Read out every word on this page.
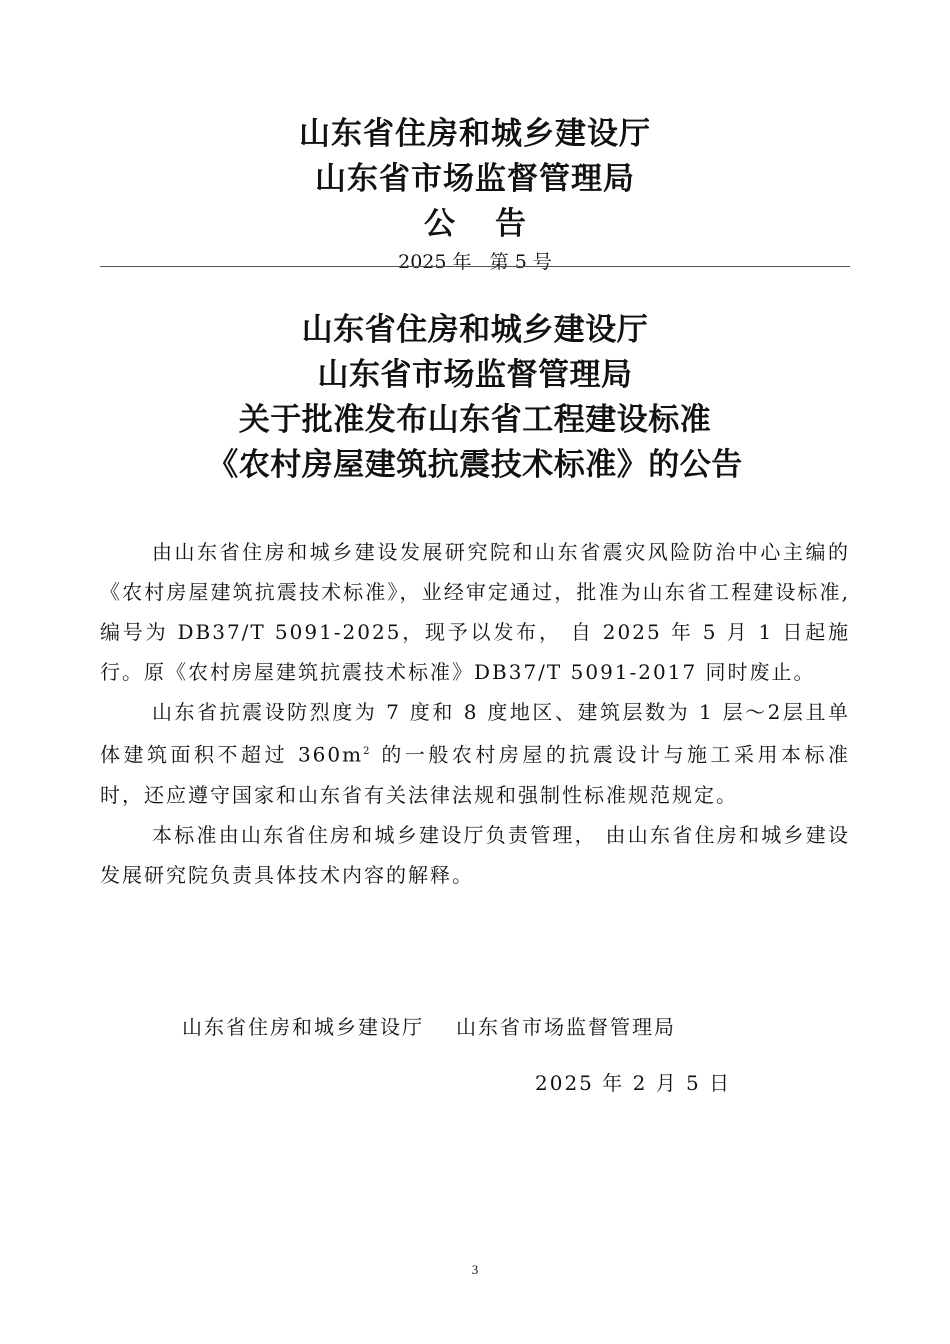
山东省住房和城乡建设厅
山东省市场监督管理局
公 告
2025 年 第 5 号
山东省住房和城乡建设厅
山东省市场监督管理局
关于批准发布山东省工程建设标准
《农村房屋建筑抗震技术标准》的公告

由山东省住房和城乡建设发展研究院和山东省震灾风险防治中心主编的《农村房屋建筑抗震技术标准》，业经审定通过，批准为山东省工程建设标准,编号为 DB37/T 5091-2025，现予以发布， 自 2025 年 5 月 1 日起施行。原《农村房屋建筑抗震技术标准》DB37/T 5091-2017 同时废止。

山东省抗震设防烈度为 7 度和 8 度地区、建筑层数为 1 层～2层且单体建筑面积不超过 $360m^2$ 的一般农村房屋的抗震设计与施工采用本标准时，还应遵守国家和山东省有关法律法规和强制性标准规范规定。

本标准由山东省住房和城乡建设厅负责管理， 由山东省住房和城乡建设发展研究院负责具体技术内容的解释。

山东省住房和城乡建设厅 山东省市场监督管理局
2025 年 2 月 5 日
3
